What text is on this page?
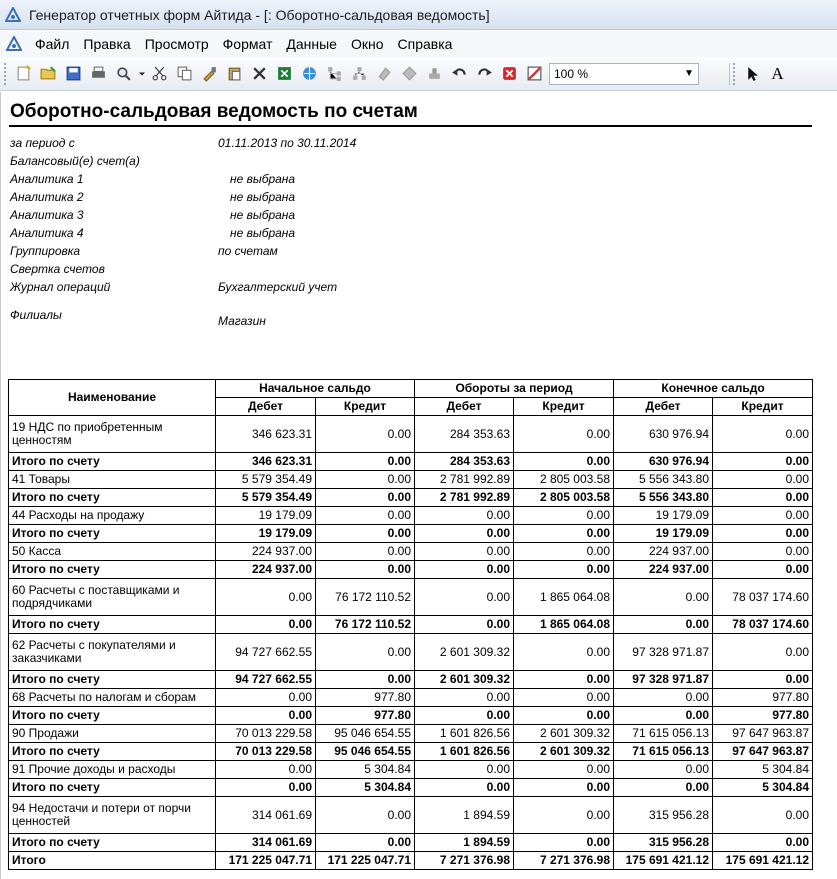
Генератор отчетных форм Айтида - [: Оборотно-сальдовая ведомость]
Файл	Правка	Просмотр	Формат	Данные	Окно	Справка
100 %	▼	A
Оборотно-сальдовая ведомость по счетам
за период с	01.11.2013 по 30.11.2014
Балансовый(е) счет(а)
Аналитика 1	не выбрана
Аналитика 2	не выбрана
Аналитика 3	не выбрана
Аналитика 4	не выбрана
Группировка	по счетам
Свертка счетов
Журнал операций	Бухгалтерский учет
Филиалы	Магазин
Наименование	Начальное сальдо		Обороты за период		Конечное сальдо	
	Дебет	Кредит	Дебет	Кредит	Дебет	Кредит
19 НДС по приобретенным ценностям	346 623.31	0.00	284 353.63	0.00	630 976.94	0.00
Итого по счету	346 623.31	0.00	284 353.63	0.00	630 976.94	0.00
41 Товары	5 579 354.49	0.00	2 781 992.89	2 805 003.58	5 556 343.80	0.00
Итого по счету	5 579 354.49	0.00	2 781 992.89	2 805 003.58	5 556 343.80	0.00
44 Расходы на продажу	19 179.09	0.00	0.00	0.00	19 179.09	0.00
Итого по счету	19 179.09	0.00	0.00	0.00	19 179.09	0.00
50 Касса	224 937.00	0.00	0.00	0.00	224 937.00	0.00
Итого по счету	224 937.00	0.00	0.00	0.00	224 937.00	0.00
60 Расчеты с поставщиками и подрядчиками	0.00	76 172 110.52	0.00	1 865 064.08	0.00	78 037 174.60
Итого по счету	0.00	76 172 110.52	0.00	1 865 064.08	0.00	78 037 174.60
62 Расчеты с покупателями и заказчиками	94 727 662.55	0.00	2 601 309.32	0.00	97 328 971.87	0.00
Итого по счету	94 727 662.55	0.00	2 601 309.32	0.00	97 328 971.87	0.00
68 Расчеты по налогам и сборам	0.00	977.80	0.00	0.00	0.00	977.80
Итого по счету	0.00	977.80	0.00	0.00	0.00	977.80
90 Продажи	70 013 229.58	95 046 654.55	1 601 826.56	2 601 309.32	71 615 056.13	97 647 963.87
Итого по счету	70 013 229.58	95 046 654.55	1 601 826.56	2 601 309.32	71 615 056.13	97 647 963.87
91 Прочие доходы и расходы	0.00	5 304.84	0.00	0.00	0.00	5 304.84
Итого по счету	0.00	5 304.84	0.00	0.00	0.00	5 304.84
94 Недостачи и потери от порчи ценностей	314 061.69	0.00	1 894.59	0.00	315 956.28	0.00
Итого по счету	314 061.69	0.00	1 894.59	0.00	315 956.28	0.00
Итого	171 225 047.71	171 225 047.71	7 271 376.98	7 271 376.98	175 691 421.12	175 691 421.12
